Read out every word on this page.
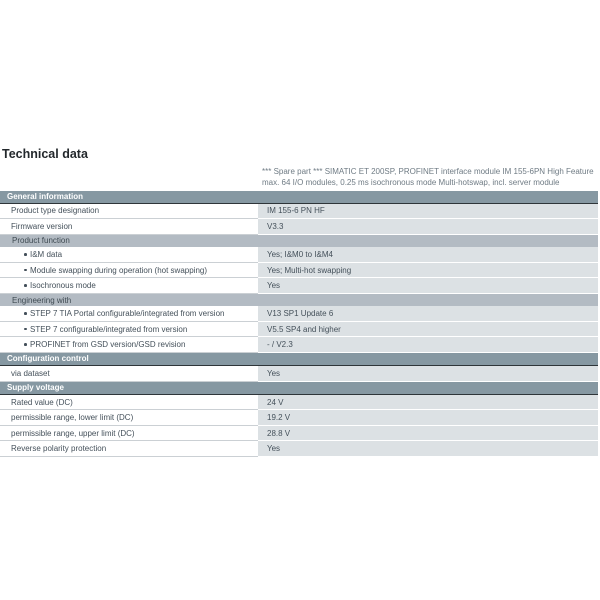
Technical data
*** Spare part *** SIMATIC ET 200SP, PROFINET interface module IM 155-6PN High Feature
max. 64 I/O modules, 0.25 ms isochronous mode Multi-hotswap, incl. server module
General information
Product type designation	IM 155-6 PN HF
Firmware version	V3.3
Product function
I&M data	Yes; I&M0 to I&M4
Module swapping during operation (hot swapping)	Yes; Multi-hot swapping
Isochronous mode	Yes
Engineering with
STEP 7 TIA Portal configurable/integrated from version	V13 SP1 Update 6
STEP 7 configurable/integrated from version	V5.5 SP4 and higher
PROFINET from GSD version/GSD revision	- / V2.3
Configuration control
via dataset	Yes
Supply voltage
Rated value (DC)	24 V
permissible range, lower limit (DC)	19.2 V
permissible range, upper limit (DC)	28.8 V
Reverse polarity protection	Yes
